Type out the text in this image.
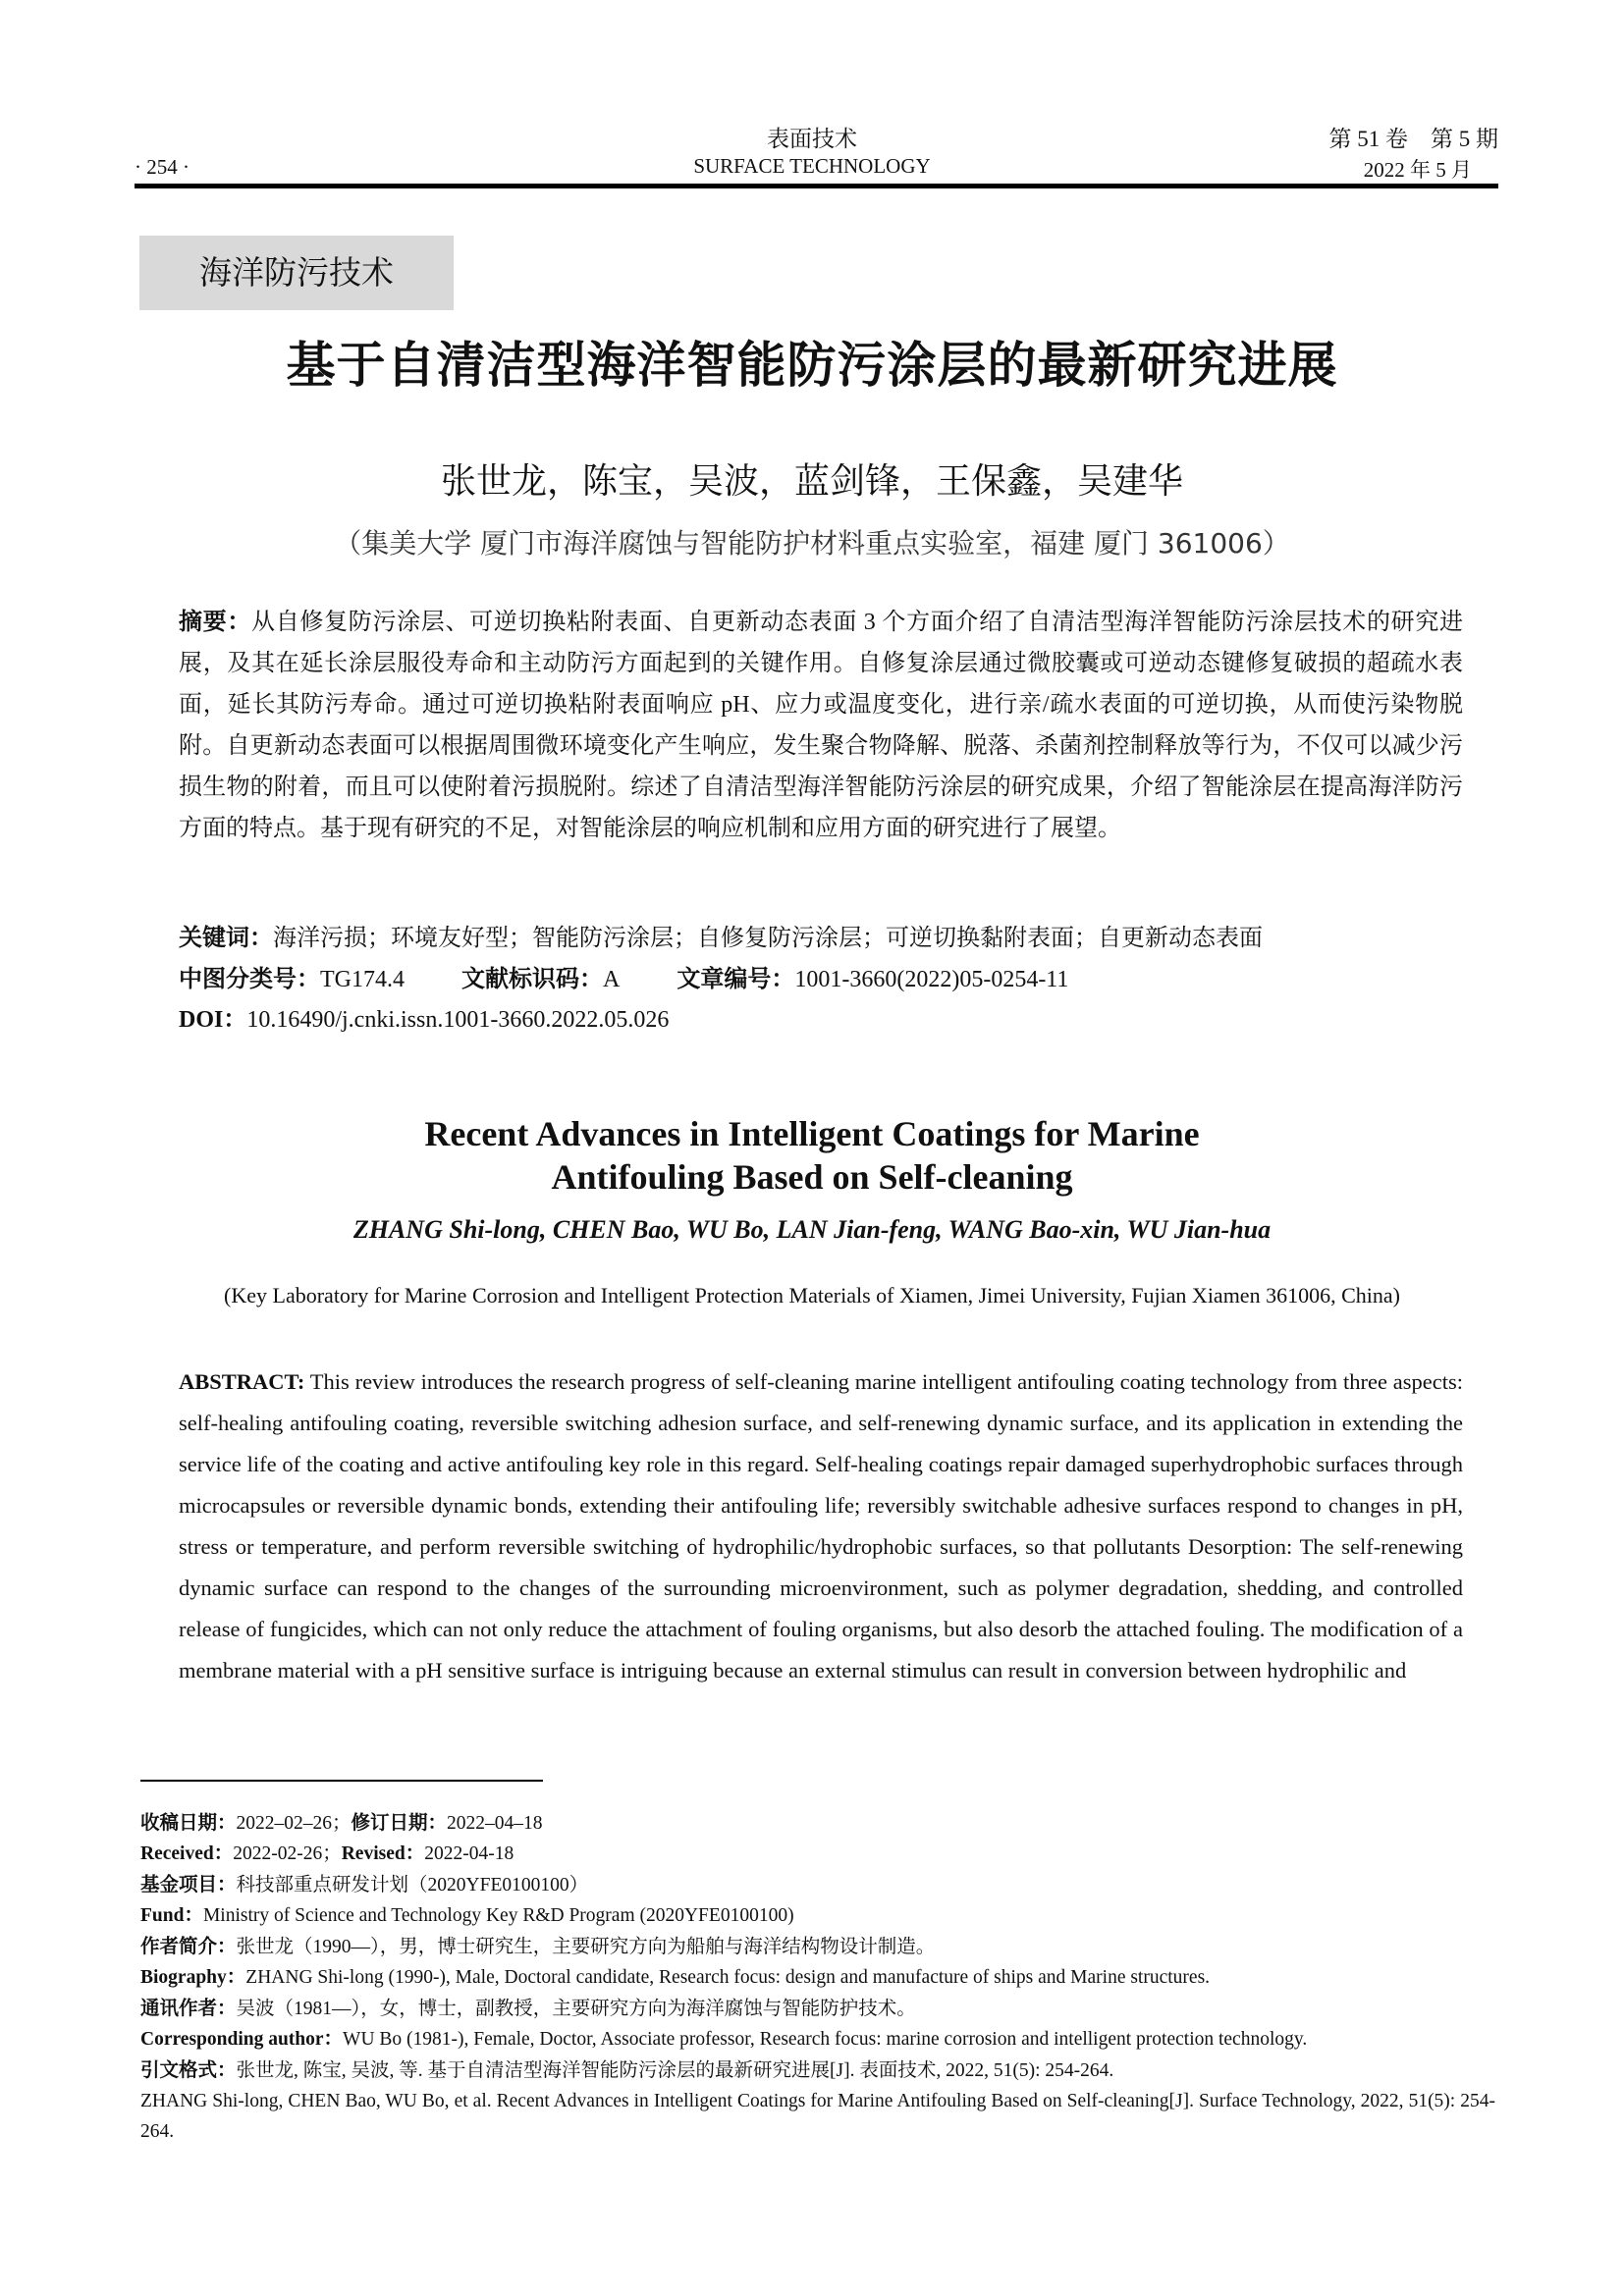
· 254 ·
表面技术
SURFACE TECHNOLOGY
第 51 卷　第 5 期
2022 年 5 月
海洋防污技术
基于自清洁型海洋智能防污涂层的最新研究进展
张世龙，陈宝，吴波，蓝剑锋，王保鑫，吴建华
（集美大学 厦门市海洋腐蚀与智能防护材料重点实验室，福建 厦门 361006）
摘要：从自修复防污涂层、可逆切换粘附表面、自更新动态表面 3 个方面介绍了自清洁型海洋智能防污涂层技术的研究进展，及其在延长涂层服役寿命和主动防污方面起到的关键作用。自修复涂层通过微胶囊或可逆动态键修复破损的超疏水表面，延长其防污寿命。通过可逆切换粘附表面响应 pH、应力或温度变化，进行亲/疏水表面的可逆切换，从而使污染物脱附。自更新动态表面可以根据周围微环境变化产生响应，发生聚合物降解、脱落、杀菌剂控制释放等行为，不仅可以减少污损生物的附着，而且可以使附着污损脱附。综述了自清洁型海洋智能防污涂层的研究成果，介绍了智能涂层在提高海洋防污方面的特点。基于现有研究的不足，对智能涂层的响应机制和应用方面的研究进行了展望。
关键词：海洋污损；环境友好型；智能防污涂层；自修复防污涂层；可逆切换黏附表面；自更新动态表面
中图分类号：TG174.4 文献标识码：A 文章编号：1001-3660(2022)05-0254-11
DOI：10.16490/j.cnki.issn.1001-3660.2022.05.026
Recent Advances in Intelligent Coatings for Marine
Antifouling Based on Self-cleaning
ZHANG Shi-long, CHEN Bao, WU Bo, LAN Jian-feng, WANG Bao-xin, WU Jian-hua
(Key Laboratory for Marine Corrosion and Intelligent Protection Materials of Xiamen, Jimei University, Fujian Xiamen 361006, China)
ABSTRACT: This review introduces the research progress of self-cleaning marine intelligent antifouling coating technology from three aspects: self-healing antifouling coating, reversible switching adhesion surface, and self-renewing dynamic surface, and its application in extending the service life of the coating and active antifouling key role in this regard. Self-healing coatings repair damaged superhydrophobic surfaces through microcapsules or reversible dynamic bonds, extending their antifouling life; reversibly switchable adhesive surfaces respond to changes in pH, stress or temperature, and perform reversible switching of hydrophilic/hydrophobic surfaces, so that pollutants Desorption: The self-renewing dynamic surface can respond to the changes of the surrounding microenvironment, such as polymer degradation, shedding, and controlled release of fungicides, which can not only reduce the attachment of fouling organisms, but also desorb the attached fouling. The modification of a membrane material with a pH sensitive surface is intriguing because an external stimulus can result in conversion between hydrophilic and
收稿日期：2022–02–26；修订日期：2022–04–18
Received：2022-02-26；Revised：2022-04-18
基金项目：科技部重点研发计划（2020YFE0100100）
Fund：Ministry of Science and Technology Key R&D Program (2020YFE0100100)
作者简介：张世龙（1990—），男，博士研究生，主要研究方向为船舶与海洋结构物设计制造。
Biography：ZHANG Shi-long (1990-), Male, Doctoral candidate, Research focus: design and manufacture of ships and Marine structures.
通讯作者：吴波（1981—），女，博士，副教授，主要研究方向为海洋腐蚀与智能防护技术。
Corresponding author：WU Bo (1981-), Female, Doctor, Associate professor, Research focus: marine corrosion and intelligent protection technology.
引文格式：张世龙, 陈宝, 吴波, 等. 基于自清洁型海洋智能防污涂层的最新研究进展[J]. 表面技术, 2022, 51(5): 254-264.
ZHANG Shi-long, CHEN Bao, WU Bo, et al. Recent Advances in Intelligent Coatings for Marine Antifouling Based on Self-cleaning[J]. Surface Technology, 2022, 51(5): 254-264.
